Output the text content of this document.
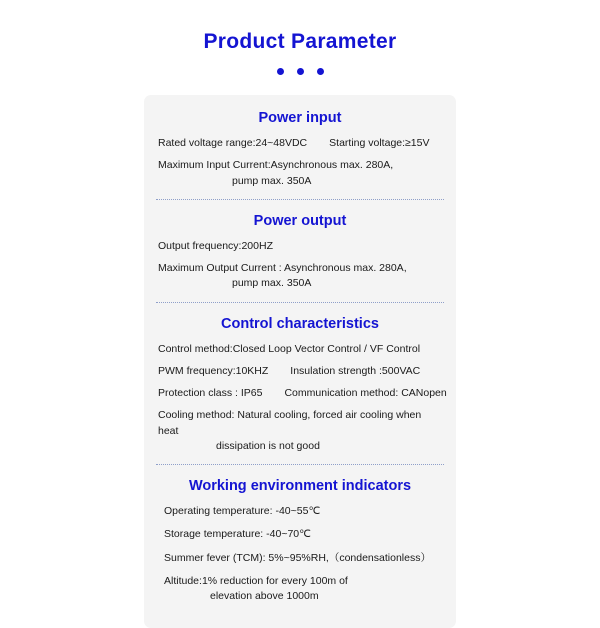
Product Parameter
Power input
Rated voltage range:24~48VDC Starting voltage:≥15V
Maximum Input Current:Asynchronous max. 280A,
pump max. 350A
Power output
Output frequency:200HZ
Maximum Output Current : Asynchronous max. 280A,
pump max. 350A
Control characteristics
Control method:Closed Loop Vector Control / VF Control
PWM frequency:10KHZ Insulation strength :500VAC
Protection class : IP65 Communication method: CANopen
Cooling method: Natural cooling, forced air cooling when heat
dissipation is not good
Working environment indicators
Operating temperature: -40~55℃
Storage temperature: -40~70℃
Summer fever (TCM): 5%~95%RH,（condensationless）
Altitude:1% reduction for every 100m of
elevation above 1000m
